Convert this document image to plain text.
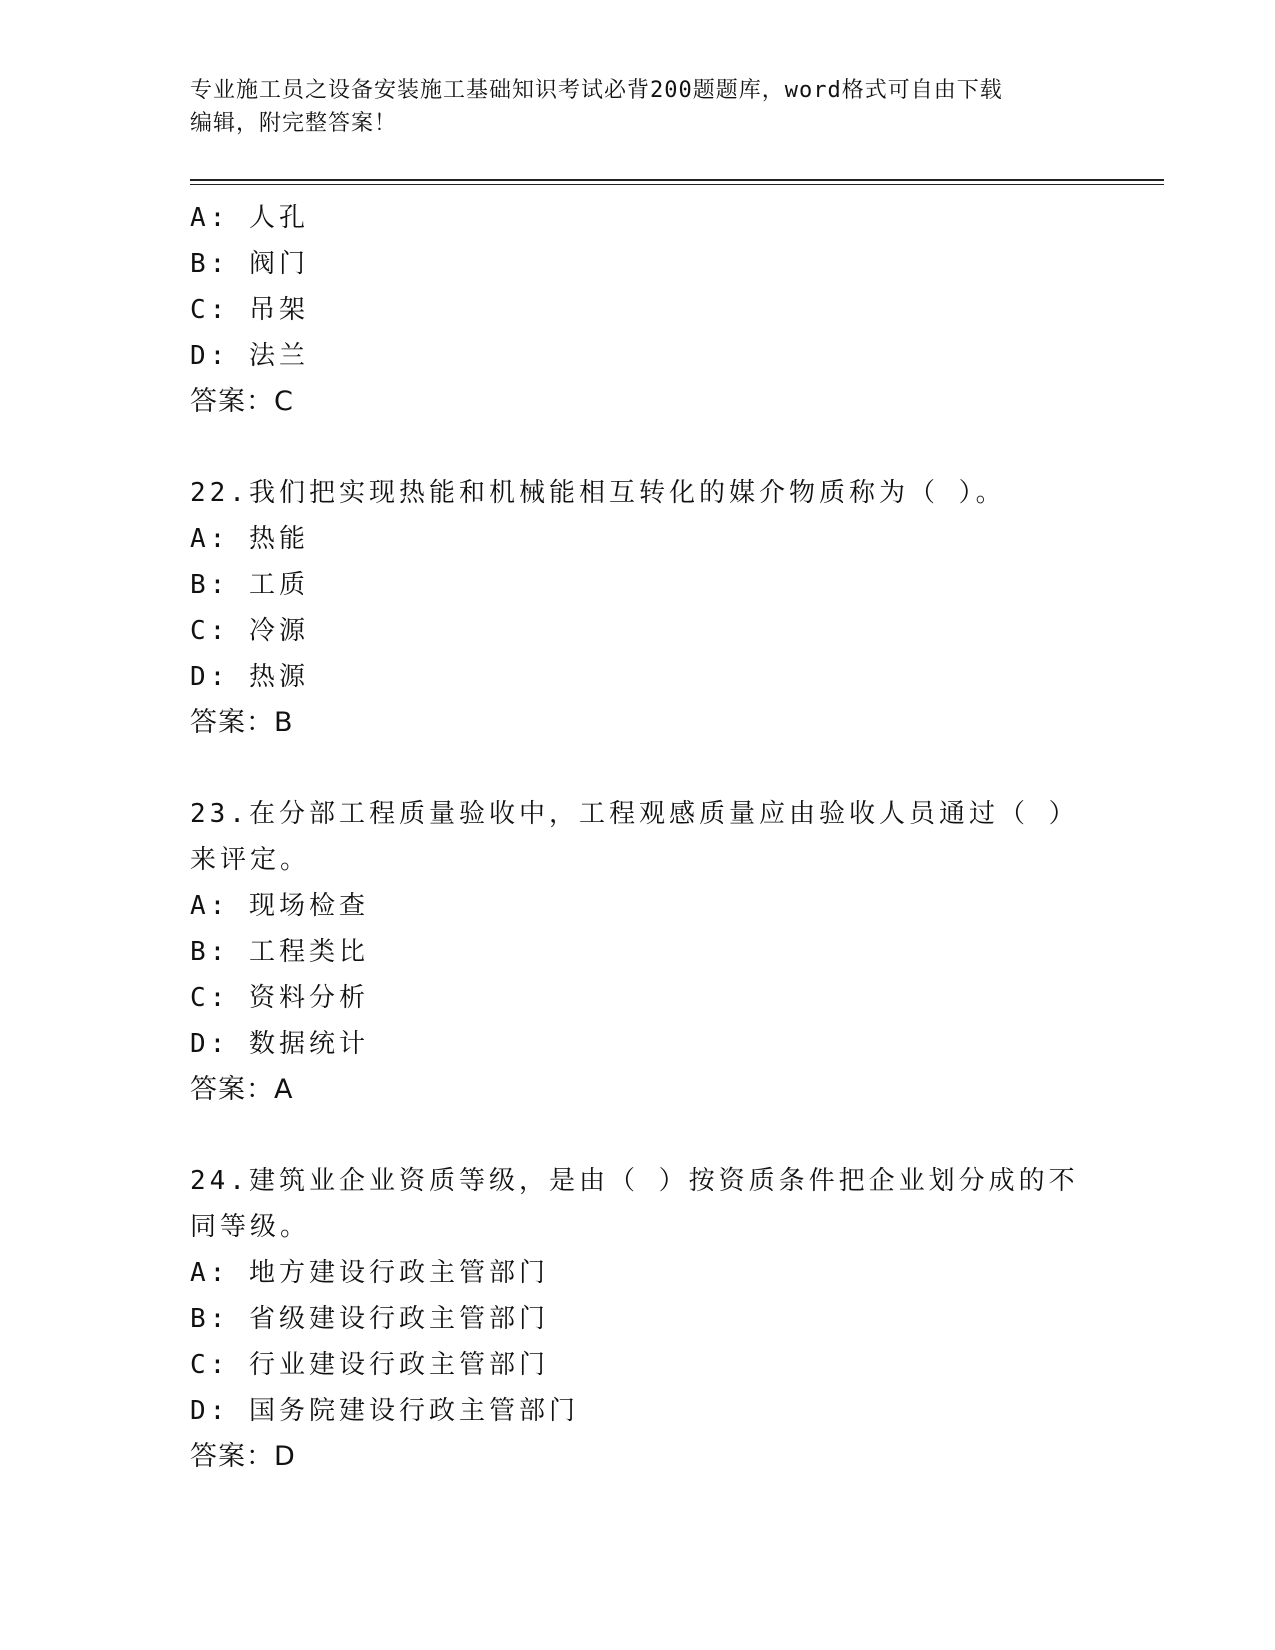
专业施工员之设备安装施工基础知识考试必背200题题库，word格式可自由下载
编辑，附完整答案！
A: 人孔
B: 阀门
C: 吊架
D: 法兰
答案：C
22.我们把实现热能和机械能相互转化的媒介物质称为（ ）。
A: 热能
B: 工质
C: 冷源
D: 热源
答案：B
23.在分部工程质量验收中，工程观感质量应由验收人员通过（ ）来评定。
A: 现场检查
B: 工程类比
C: 资料分析
D: 数据统计
答案：A
24.建筑业企业资质等级，是由（ ）按资质条件把企业划分成的不同等级。
A: 地方建设行政主管部门
B: 省级建设行政主管部门
C: 行业建设行政主管部门
D: 国务院建设行政主管部门
答案：D
